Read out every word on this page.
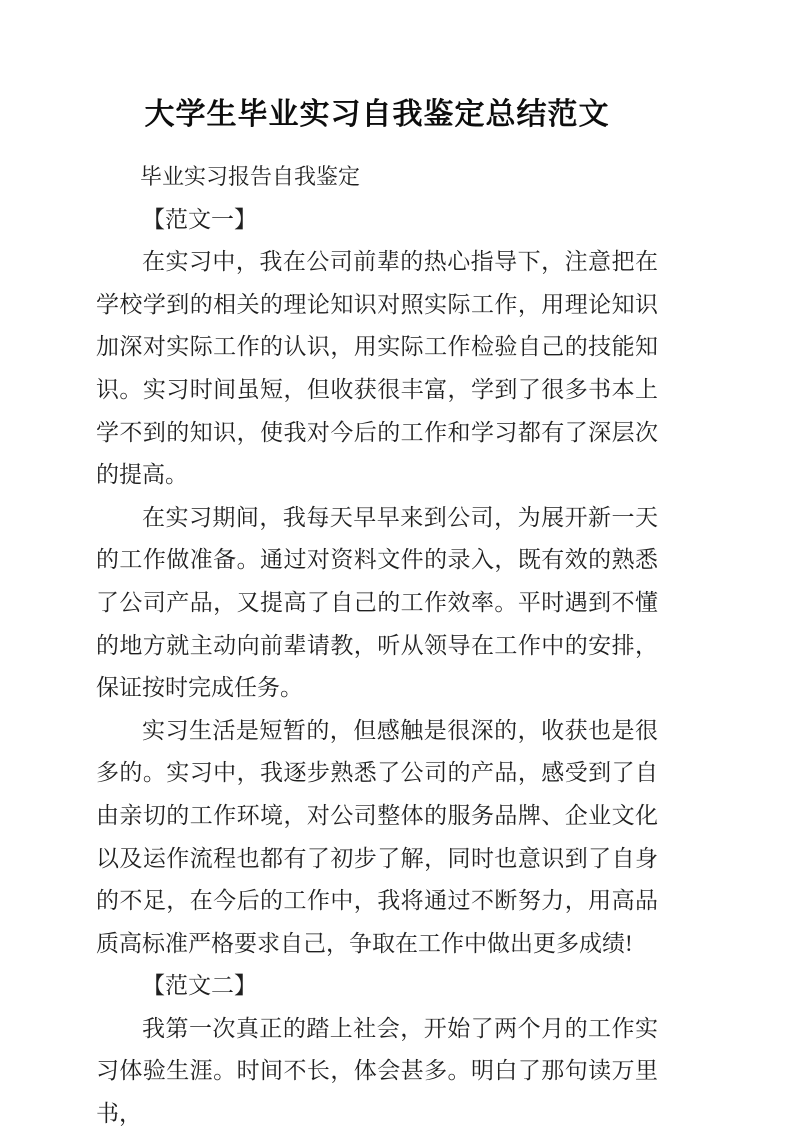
大学生毕业实习自我鉴定总结范文

毕业实习报告自我鉴定

【范文一】

在实习中，我在公司前辈的热心指导下，注意把在学校学到的相关的理论知识对照实际工作，用理论知识加深对实际工作的认识，用实际工作检验自己的技能知识。实习时间虽短，但收获很丰富，学到了很多书本上学不到的知识，使我对今后的工作和学习都有了深层次的提高。

在实习期间，我每天早早来到公司，为展开新一天的工作做准备。通过对资料文件的录入，既有效的熟悉了公司产品，又提高了自己的工作效率。平时遇到不懂的地方就主动向前辈请教，听从领导在工作中的安排，保证按时完成任务。

实习生活是短暂的，但感触是很深的，收获也是很多的。实习中，我逐步熟悉了公司的产品，感受到了自由亲切的工作环境，对公司整体的服务品牌、企业文化以及运作流程也都有了初步了解，同时也意识到了自身的不足，在今后的工作中，我将通过不断努力，用高品质高标准严格要求自己，争取在工作中做出更多成绩!

【范文二】

我第一次真正的踏上社会，开始了两个月的工作实习体验生涯。时间不长，体会甚多。明白了那句读万里书，
